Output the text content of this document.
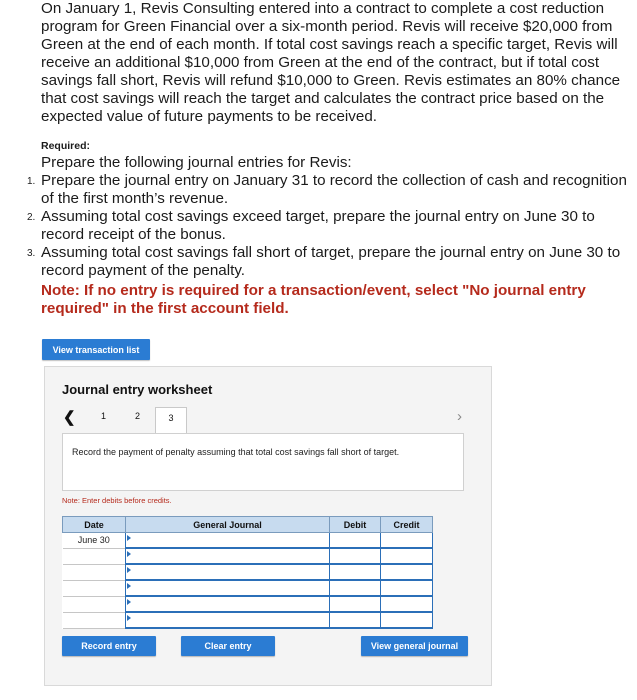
On January 1, Revis Consulting entered into a contract to complete a cost reduction program for Green Financial over a six-month period. Revis will receive $20,000 from Green at the end of each month. If total cost savings reach a specific target, Revis will receive an additional $10,000 from Green at the end of the contract, but if total cost savings fall short, Revis will refund $10,000 to Green. Revis estimates an 80% chance that cost savings will reach the target and calculates the contract price based on the expected value of future payments to be received.

Required:
Prepare the following journal entries for Revis:
1. Prepare the journal entry on January 31 to record the collection of cash and recognition of the first month’s revenue.
2. Assuming total cost savings exceed target, prepare the journal entry on June 30 to record receipt of the bonus.
3. Assuming total cost savings fall short of target, prepare the journal entry on June 30 to record payment of the penalty.
Note: If no entry is required for a transaction/event, select "No journal entry required" in the first account field.
View transaction list
Journal entry worksheet
❮	1	2	3	›
Record the payment of penalty assuming that total cost savings fall short of target.
Note: Enter debits before credits.
Date	General Journal	Debit	Credit
June 30			

Record entry	Clear entry	View general journal
